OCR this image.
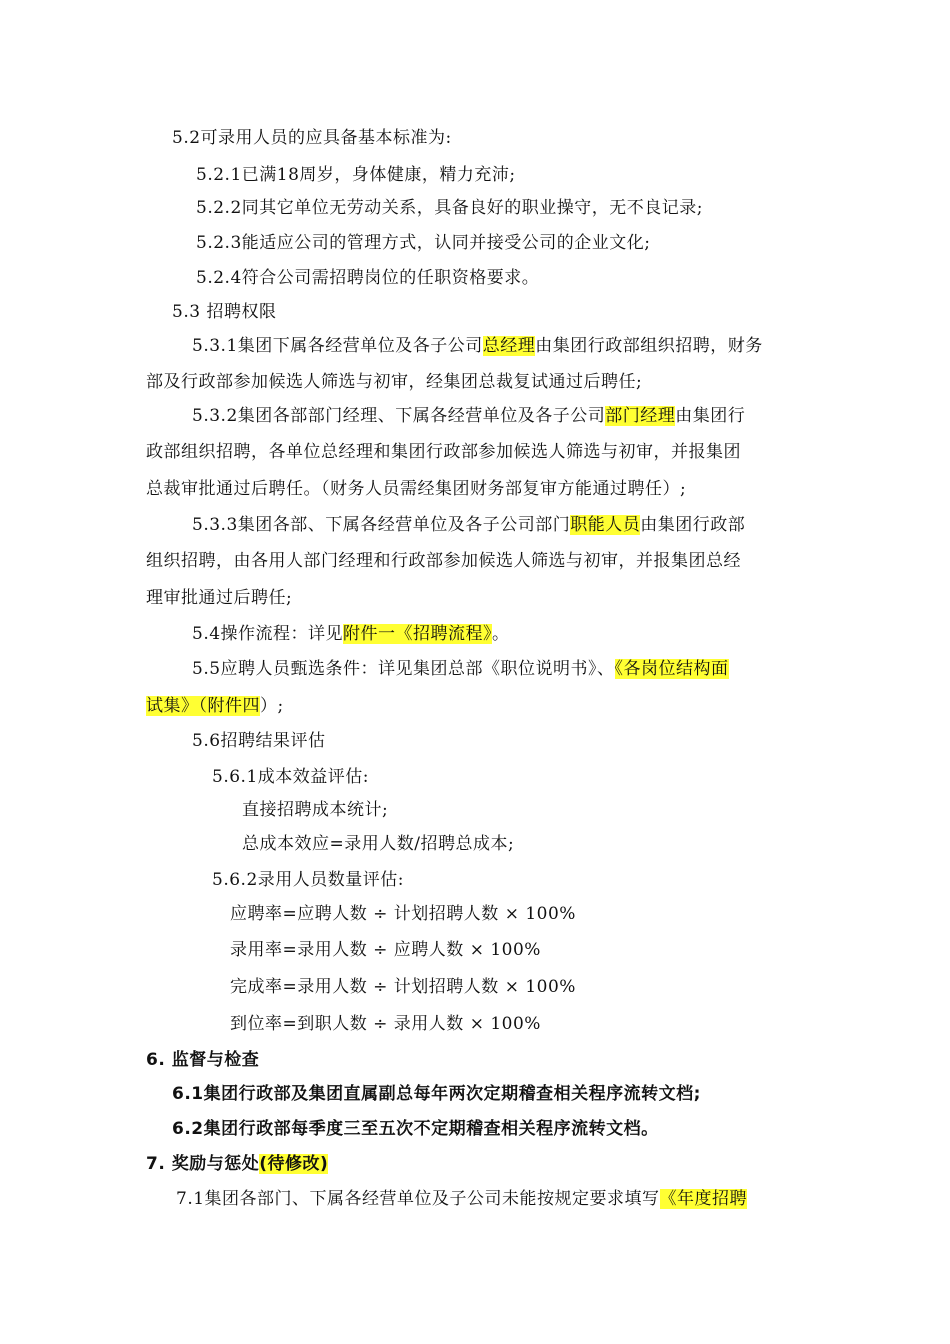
5.2可录用人员的应具备基本标准为:
5.2.1已满18周岁，身体健康，精力充沛;
5.2.2同其它单位无劳动关系，具备良好的职业操守，无不良记录;
5.2.3能适应公司的管理方式，认同并接受公司的企业文化;
5.2.4符合公司需招聘岗位的任职资格要求。
5.3 招聘权限
5.3.1集团下属各经营单位及各子公司总经理由集团行政部组织招聘，财务
部及行政部参加候选人筛选与初审，经集团总裁复试通过后聘任;
5.3.2集团各部部门经理、下属各经营单位及各子公司部门经理由集团行
政部组织招聘，各单位总经理和集团行政部参加候选人筛选与初审，并报集团
总裁审批通过后聘任。（财务人员需经集团财务部复审方能通过聘任）;
5.3.3集团各部、下属各经营单位及各子公司部门职能人员由集团行政部
组织招聘，由各用人部门经理和行政部参加候选人筛选与初审，并报集团总经
理审批通过后聘任;
5.4操作流程：详见附件一《招聘流程》。
5.5应聘人员甄选条件：详见集团总部《职位说明书》、《各岗位结构面
试集》（附件四）;
5.6招聘结果评估
5.6.1成本效益评估:
直接招聘成本统计;
总成本效应=录用人数/招聘总成本;
5.6.2录用人员数量评估:
应聘率=应聘人数 ÷ 计划招聘人数 × 100%
录用率=录用人数 ÷ 应聘人数 × 100%
完成率=录用人数 ÷ 计划招聘人数 × 100%
到位率=到职人数 ÷ 录用人数 × 100%
6. 监督与检查
6.1集团行政部及集团直属副总每年两次定期稽查相关程序流转文档;
6.2集团行政部每季度三至五次不定期稽查相关程序流转文档。
7. 奖励与惩处(待修改)
7.1集团各部门、下属各经营单位及子公司未能按规定要求填写《年度招聘
